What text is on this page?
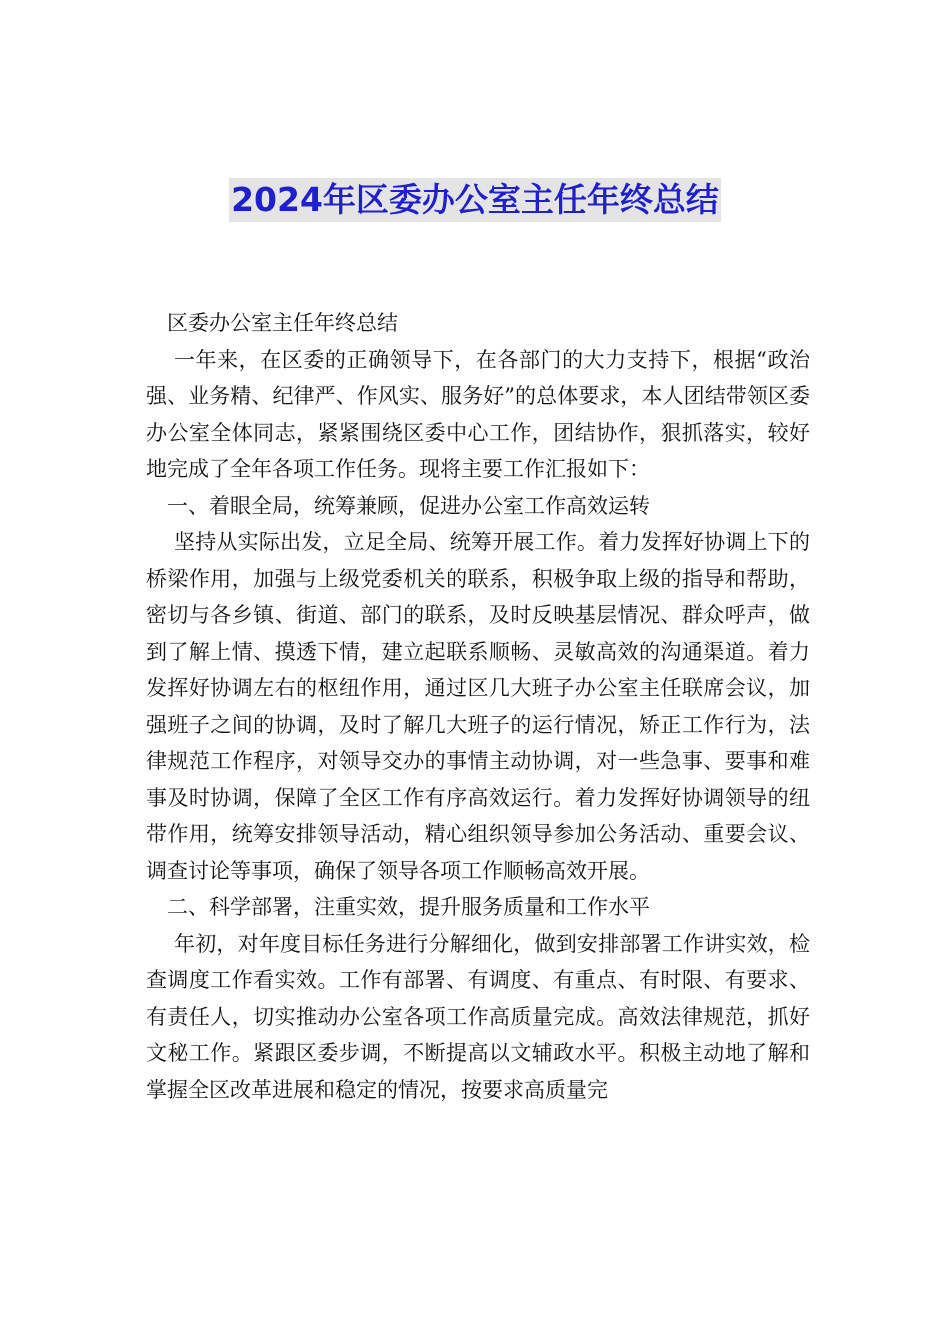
2024年区委办公室主任年终总结

区委办公室主任年终总结

一年来，在区委的正确领导下，在各部门的大力支持下，根据“政治强、业务精、纪律严、作风实、服务好”的总体要求，本人团结带领区委办公室全体同志，紧紧围绕区委中心工作，团结协作，狠抓落实，较好地完成了全年各项工作任务。现将主要工作汇报如下：

一、着眼全局，统筹兼顾，促进办公室工作高效运转

坚持从实际出发，立足全局、统筹开展工作。着力发挥好协调上下的桥梁作用，加强与上级党委机关的联系，积极争取上级的指导和帮助，密切与各乡镇、街道、部门的联系，及时反映基层情况、群众呼声，做到了解上情、摸透下情，建立起联系顺畅、灵敏高效的沟通渠道。着力发挥好协调左右的枢纽作用，通过区几大班子办公室主任联席会议，加强班子之间的协调，及时了解几大班子的运行情况，矫正工作行为，法律规范工作程序，对领导交办的事情主动协调，对一些急事、要事和难事及时协调，保障了全区工作有序高效运行。着力发挥好协调领导的纽带作用，统筹安排领导活动，精心组织领导参加公务活动、重要会议、调查讨论等事项，确保了领导各项工作顺畅高效开展。

二、科学部署，注重实效，提升服务质量和工作水平

年初，对年度目标任务进行分解细化，做到安排部署工作讲实效，检查调度工作看实效。工作有部署、有调度、有重点、有时限、有要求、有责任人，切实推动办公室各项工作高质量完成。高效法律规范，抓好文秘工作。紧跟区委步调，不断提高以文辅政水平。积极主动地了解和掌握全区改革进展和稳定的情况，按要求高质量完
